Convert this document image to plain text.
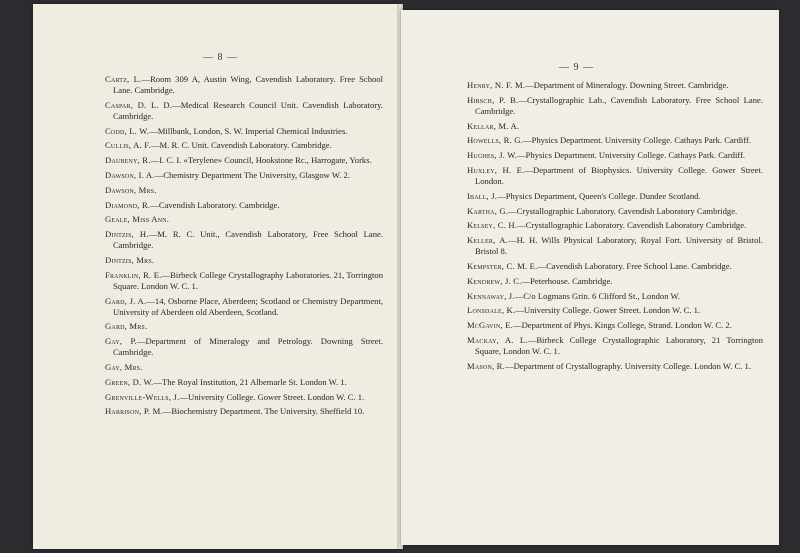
— 8 —
Cartz, L.—Room 309 A, Austin Wing, Cavendish Laboratory. Free School Lane. Cambridge.
Caspar, D. L. D.—Medical Research Council Unit. Cavendish Laboratory. Cambridge.
Codd, L. W.—Millbank, London, S. W. Imperial Chemical Industries.
Cullis, A. F.—M. R. C. Unit. Cavendish Laboratory. Cambridge.
Daubeny, R.—I. C. I. «Terylene» Council, Hookstone Rc., Harrogate, Yorks.
Dawson, I. A.—Chemistry Department The University, Glasgow W. 2.
Dawson, Mrs.
Diamond, R.—Cavendish Laboratory. Cambridge.
Geale, Miss Ann.
Dintzis, H.—M. R. C. Unit., Cavendish Laboratory, Free School Lane. Cambridge.
Dintzis, Mrs.
Franklin, R. E.—Birbeck College Crystallography Laboratories. 21, Torrington Square. London W. C. 1.
Gard, J. A.—14, Osborne Place, Aberdeen; Scotland or Chemistry Department, University of Aberdeen old Aberdeen, Scotland.
Gard, Mrs.
Gay, P.—Department of Mineralogy and Petrology. Downing Street. Cambridge.
Gay, Mrs.
Green, D. W.—The Royal Institution, 21 Albemarle St. London W. 1.
Grenville-Wells, J.—University College. Gower Street. London W. C. 1.
Harrison, P. M.—Biochemistry Department. The University. Sheffield 10.
— 9 —
Henry, N. F. M.—Department of Mineralogy. Downing Street. Cambridge.
Hirsch, P. B.—Crystallographic Lab., Cavendish Laboratory. Free School Lane. Cambridge.
Kellar, M. A.
Howells, R. G.—Physics Department. University College. Cathays Park. Cardiff.
Hughes, J. W.—Physics Department. University College. Cathays Park. Cardiff.
Huxley, H. E.—Department of Biophysics. University College. Gower Street. London.
Iball, J.—Physics Department, Queen's College. Dundee Scotland.
Kartha, G.—Crystallographic Laboratory. Cavendish Laboratory Cambridge.
Kelsey, C. H.—Crystallographic Laboratory. Cavendish Laboratory Cambridge.
Keller, A.—H. H. Wills Physical Laboratory, Royal Fort. University of Bristol. Bristol 8.
Kempster, C. M. E.—Cavendish Laboratory. Free School Lane. Cambridge.
Kendrew, J. C.—Peterhouse. Cambridge.
Kennaway, J.—C/o Logmans Grin. 6 Clifford St., London W.
Lonsdale, K.—University College. Gower Street. London W. C. 1.
McGavin, E.—Department of Phys. Kings College, Strand. London W. C. 2.
Mackay, A. L.—Birbeck College Crystallographic Laboratory, 21 Torrington Square, London W. C. 1.
Mason, R.—Department of Crystallography. University College. London W. C. 1.
